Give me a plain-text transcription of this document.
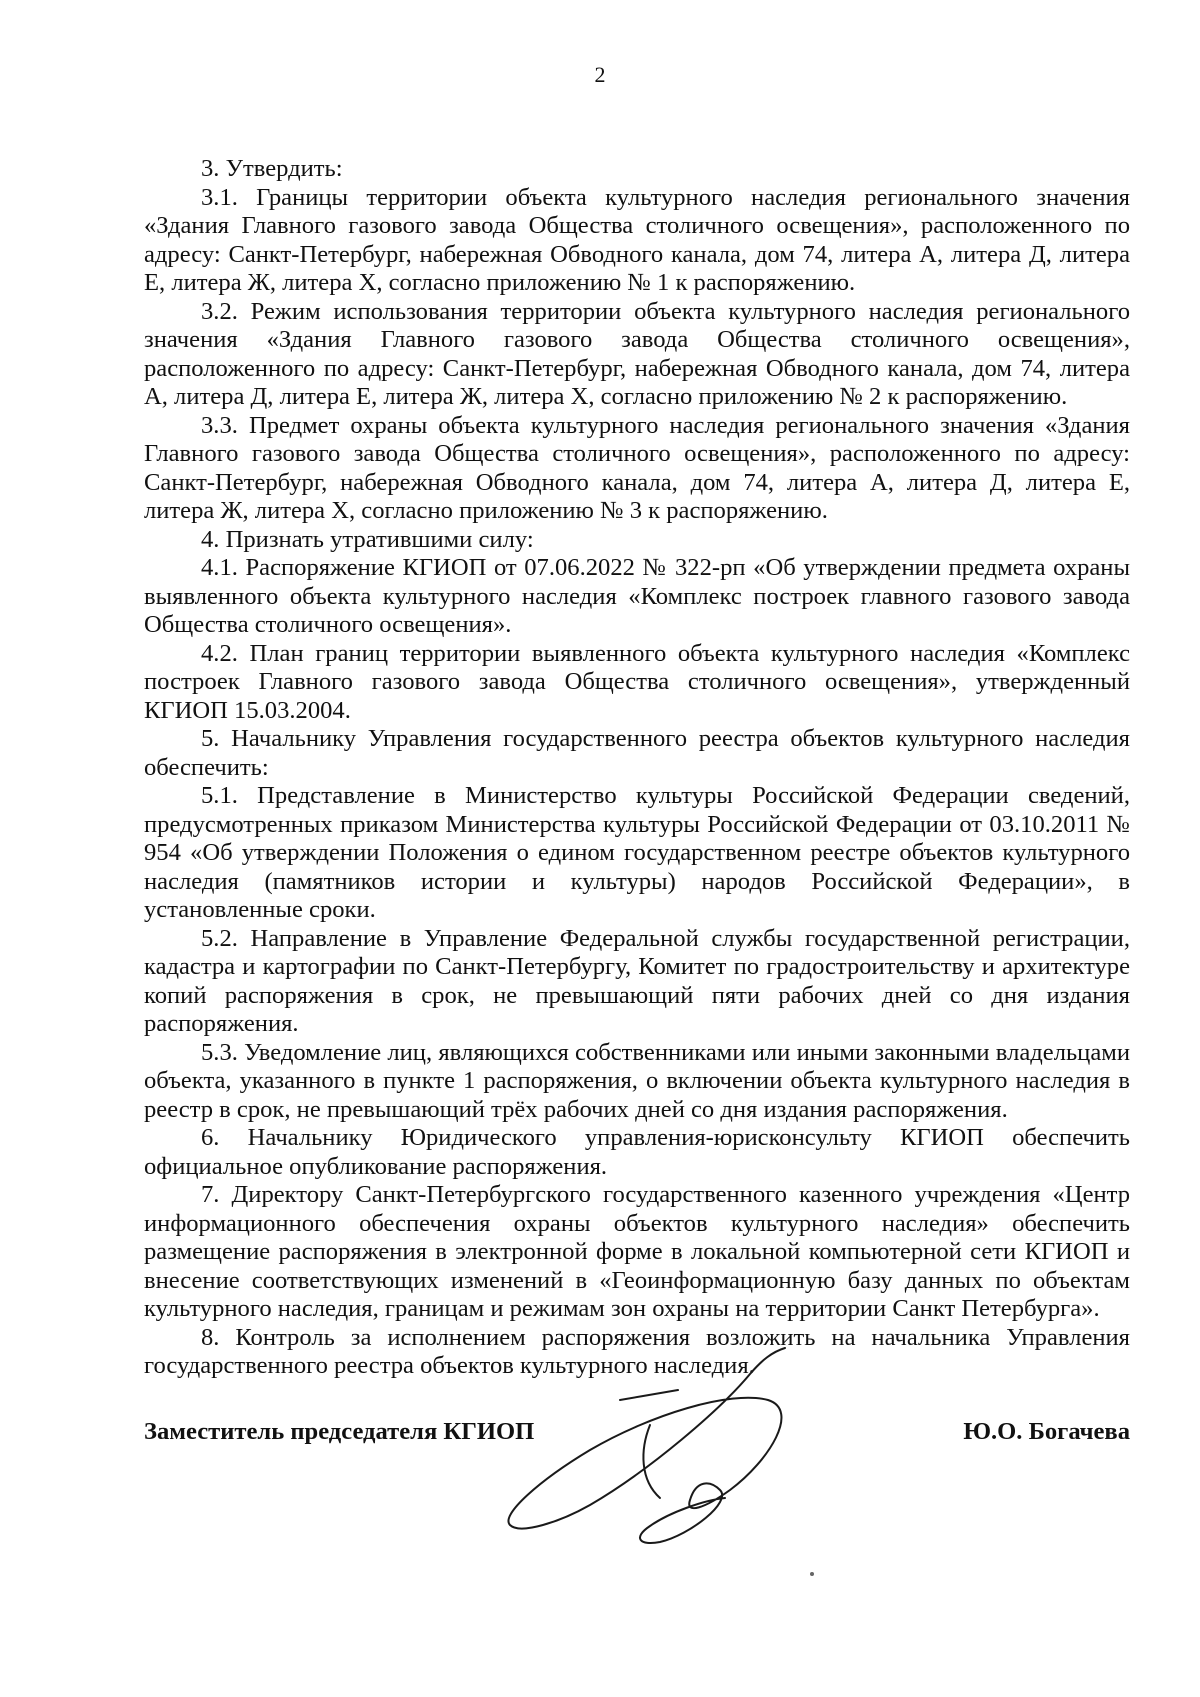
2

3. Утвердить:

3.1. Границы территории объекта культурного наследия регионального значения «Здания Главного газового завода Общества столичного освещения», расположенного по адресу: Санкт-Петербург, набережная Обводного канала, дом 74, литера А, литера Д, литера Е, литера Ж, литера Х, согласно приложению № 1 к распоряжению.

3.2. Режим использования территории объекта культурного наследия регионального значения «Здания Главного газового завода Общества столичного освещения», расположенного по адресу: Санкт-Петербург, набережная Обводного канала, дом 74, литера А, литера Д, литера Е, литера Ж, литера Х, согласно приложению № 2 к распоряжению.

3.3. Предмет охраны объекта культурного наследия регионального значения «Здания Главного газового завода Общества столичного освещения», расположенного по адресу: Санкт-Петербург, набережная Обводного канала, дом 74, литера А, литера Д, литера Е, литера Ж, литера Х, согласно приложению № 3 к распоряжению.

4. Признать утратившими силу:

4.1. Распоряжение КГИОП от 07.06.2022 № 322-рп «Об утверждении предмета охраны выявленного объекта культурного наследия «Комплекс построек главного газового завода Общества столичного освещения».

4.2. План границ территории выявленного объекта культурного наследия «Комплекс построек Главного газового завода Общества столичного освещения», утвержденный КГИОП 15.03.2004.

5. Начальнику Управления государственного реестра объектов культурного наследия обеспечить:

5.1. Представление в Министерство культуры Российской Федерации сведений, предусмотренных приказом Министерства культуры Российской Федерации от 03.10.2011 № 954 «Об утверждении Положения о едином государственном реестре объектов культурного наследия (памятников истории и культуры) народов Российской Федерации», в установленные сроки.

5.2. Направление в Управление Федеральной службы государственной регистрации, кадастра и картографии по Санкт-Петербургу, Комитет по градостроительству и архитектуре копий распоряжения в срок, не превышающий пяти рабочих дней со дня издания распоряжения.

5.3. Уведомление лиц, являющихся собственниками или иными законными владельцами объекта, указанного в пункте 1 распоряжения, о включении объекта культурного наследия в реестр в срок, не превышающий трёх рабочих дней со дня издания распоряжения.

6. Начальнику Юридического управления-юрисконсульту КГИОП обеспечить официальное опубликование распоряжения.

7. Директору Санкт-Петербургского государственного казенного учреждения «Центр информационного обеспечения охраны объектов культурного наследия» обеспечить размещение распоряжения в электронной форме в локальной компьютерной сети КГИОП и внесение соответствующих изменений в «Геоинформационную базу данных по объектам культурного наследия, границам и режимам зон охраны на территории Санкт Петербурга».

8. Контроль за исполнением распоряжения возложить на начальника Управления государственного реестра объектов культурного наследия.

Заместитель председателя КГИОП	Ю.О. Богачева
